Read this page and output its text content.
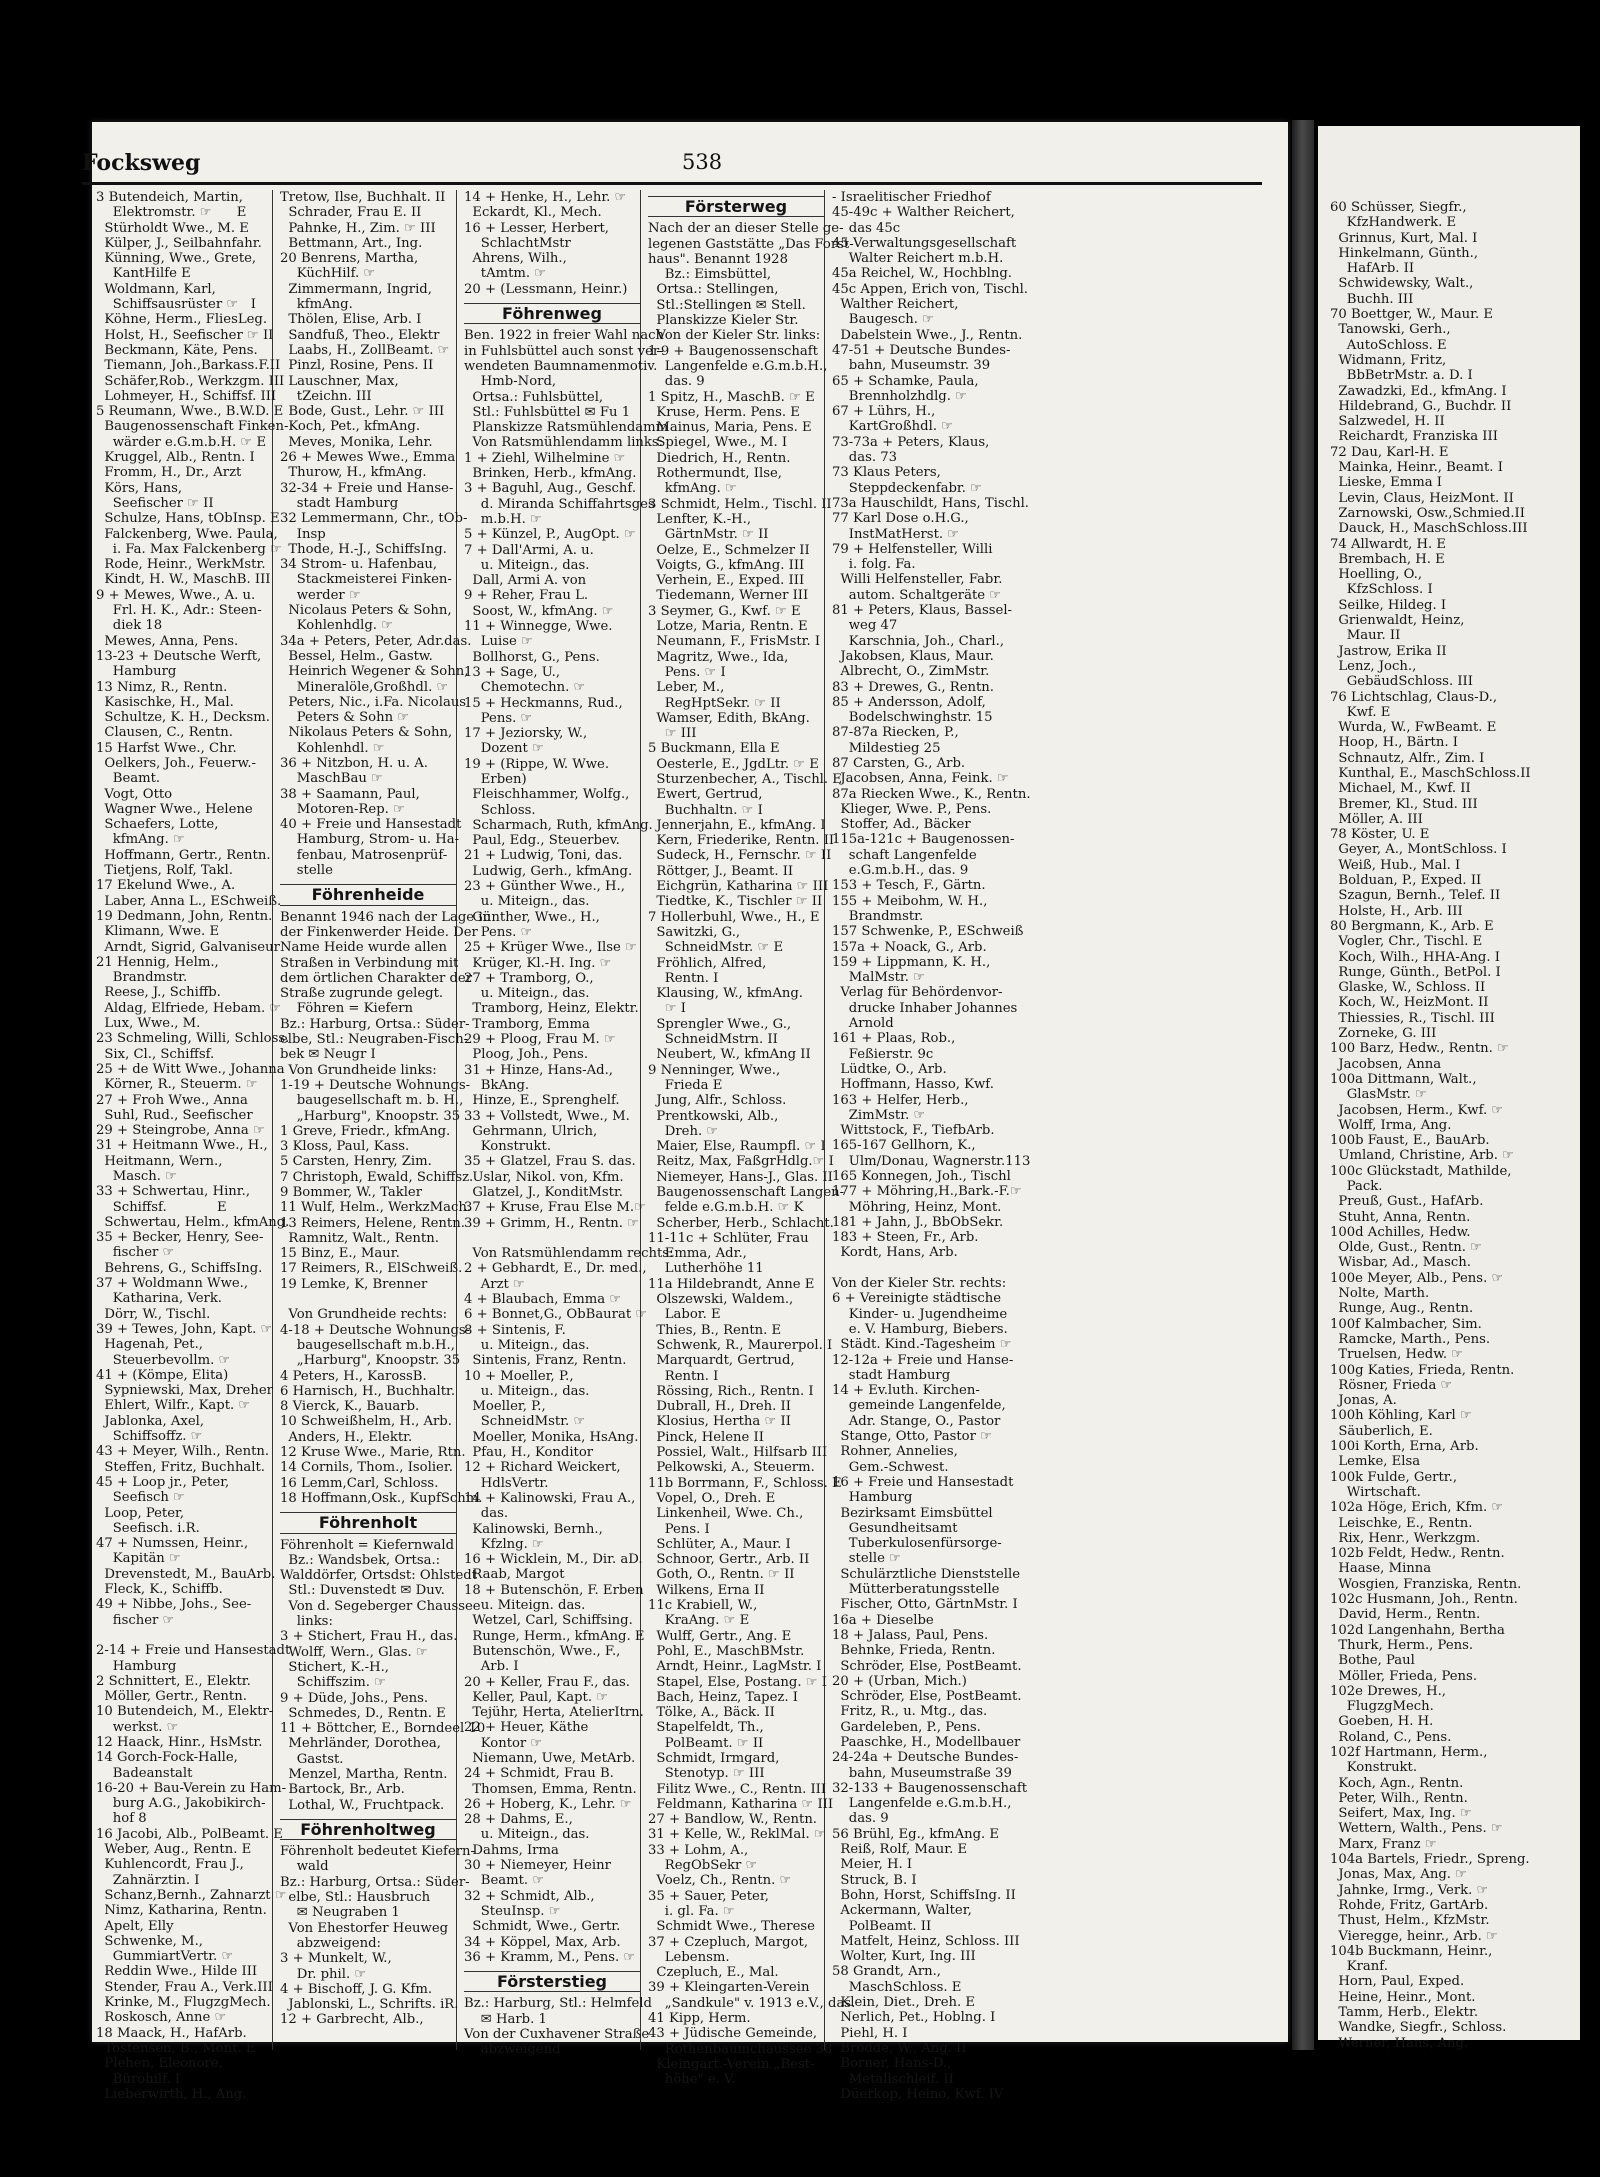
Focksweg	538
3 Butendeich, Martin,
Elektromstr. ☞      E
Stürholdt Wwe., M. E
Külper, J., Seilbahnfahr.
Künning, Wwe., Grete,
KantHilfe E
Woldmann, Karl,
Schiffsausrüster ☞   I
Köhne, Herm., FliesLeg.
Holst, H., Seefischer ☞ II
Beckmann, Käte, Pens.
Tiemann, Joh.,Barkass.F.II
Schäfer,Rob., Werkzgm. III
Lohmeyer, H., Schiffsf. III
5 Reumann, Wwe., B.W.D. E
Baugenossenschaft Finken-
wärder e.G.m.b.H. ☞ E
Kruggel, Alb., Rentn. I
Fromm, H., Dr., Arzt
Körs, Hans,
Seefischer ☞ II
Schulze, Hans, tObInsp. E
Falckenberg, Wwe. Paula,
i. Fa. Max Falckenberg ☞
Rode, Heinr., WerkMstr.
Kindt, H. W., MaschB. III
9 + Mewes, Wwe., A. u.
Frl. H. K., Adr.: Steen-
diek 18
Mewes, Anna, Pens.
13-23 + Deutsche Werft,
Hamburg
13 Nimz, R., Rentn.
Kasischke, H., Mal.
Schultze, K. H., Decksm.
Clausen, C., Rentn.
15 Harfst Wwe., Chr.
Oelkers, Joh., Feuerw.-
Beamt.
Vogt, Otto
Wagner Wwe., Helene
Schaefers, Lotte,
kfmAng. ☞
Hoffmann, Gertr., Rentn.
Tietjens, Rolf, Takl.
17 Ekelund Wwe., A.
Laber, Anna L., ESchweiß.
19 Dedmann, John, Rentn.
Klimann, Wwe. E
Arndt, Sigrid, Galvaniseur
21 Hennig, Helm.,
Brandmstr.
Reese, J., Schiffb.
Aldag, Elfriede, Hebam. ☞
Lux, Wwe., M.
23 Schmeling, Willi, Schloss.
Six, Cl., Schiffsf.
25 + de Witt Wwe., Johanna
Körner, R., Steuerm. ☞
27 + Froh Wwe., Anna
Suhl, Rud., Seefischer
29 + Steingrobe, Anna ☞
31 + Heitmann Wwe., H.,
Heitmann, Wern.,
Masch. ☞
33 + Schwertau, Hinr.,
Schiffsf.            E
Schwertau, Helm., kfmAng.
35 + Becker, Henry, See-
fischer ☞
Behrens, G., SchiffsIng.
37 + Woldmann Wwe.,
Katharina, Verk.
Dörr, W., Tischl.
39 + Tewes, John, Kapt. ☞
Hagenah, Pet.,
Steuerbevollm. ☞
41 + (Kömpe, Elita)
Sypniewski, Max, Dreher
Ehlert, Wilfr., Kapt. ☞
Jablonka, Axel,
Schiffsoffz. ☞
43 + Meyer, Wilh., Rentn.
Steffen, Fritz, Buchhalt.
45 + Loop jr., Peter,
Seefisch ☞
Loop, Peter,
Seefisch. i.R.
47 + Numssen, Heinr.,
Kapitän ☞
Drevenstedt, M., BauArb.
Fleck, K., Schiffb.
49 + Nibbe, Johs., See-
fischer ☞

2-14 + Freie und Hansestadt
Hamburg
2 Schnittert, E., Elektr.
Möller, Gertr., Rentn.
10 Butendeich, M., Elektr-
werkst. ☞
12 Haack, Hinr., HsMstr.
14 Gorch-Fock-Halle,
Badeanstalt
16-20 + Bau-Verein zu Ham-
burg A.G., Jakobikirch-
hof 8
16 Jacobi, Alb., PolBeamt. E
Weber, Aug., Rentn. E
Kuhlencordt, Frau J.,
Zahnärztin. I
Schanz,Bernh., Zahnarzt ☞
Nimz, Katharina, Rentn.
Apelt, Elly
Schwenke, M.,
GummiartVertr. ☞
Reddin Wwe., Hilde III
Stender, Frau A., Verk.III
Krinke, M., FlugzgMech.
Roskosch, Anne ☞
18 Maack, H., HafArb.
Tostensen, B., Mont. E
Plehen, Eleonore,
Bürohilf. I
Lieberwirth, H., Ang.
Tretow, Ilse, Buchhalt. II
Schrader, Frau E. II
Pahnke, H., Zim. ☞ III
Bettmann, Art., Ing.
20 Benrens, Martha,
KüchHilf. ☞
Zimmermann, Ingrid,
kfmAng.
Thölen, Elise, Arb. I
Sandfuß, Theo., Elektr
Laabs, H., ZollBeamt. ☞
Pinzl, Rosine, Pens. II
Lauschner, Max,
tZeichn. III
Bode, Gust., Lehr. ☞ III
Koch, Pet., kfmAng.
Meves, Monika, Lehr.
26 + Mewes Wwe., Emma
Thurow, H., kfmAng.
32-34 + Freie und Hanse-
stadt Hamburg
32 Lemmermann, Chr., tOb-
Insp
Thode, H.-J., SchiffsIng.
34 Strom- u. Hafenbau,
Stackmeisterei Finken-
werder ☞
Nicolaus Peters & Sohn,
Kohlenhdlg. ☞
34a + Peters, Peter, Adr.das.
Bessel, Helm., Gastw.
Heinrich Wegener & Sohn,
Mineralöle,Großhdl. ☞
Peters, Nic., i.Fa. Nicolaus
Peters & Sohn ☞
Nikolaus Peters & Sohn,
Kohlenhdl. ☞
36 + Nitzbon, H. u. A.
MaschBau ☞
38 + Saamann, Paul,
Motoren-Rep. ☞
40 + Freie und Hansestadt
Hamburg, Strom- u. Ha-
fenbau, Matrosenprüf-
stelle
Föhrenheide
Benannt 1946 nach der Lage in
der Finkenwerder Heide. Der
Name Heide wurde allen
Straßen in Verbindung mit
dem örtlichen Charakter der
Straße zugrunde gelegt.
Föhren = Kiefern
Bz.: Harburg, Ortsa.: Süder-
elbe, Stl.: Neugraben-Fisch-
bek ✉ Neugr I
Von Grundheide links:
1-19 + Deutsche Wohnungs-
baugesellschaft m. b. H.,
„Harburg", Knoopstr. 35
1 Greve, Friedr., kfmAng.
3 Kloss, Paul, Kass.
5 Carsten, Henry, Zim.
7 Christoph, Ewald, Schiffsz.
9 Bommer, W., Takler
11 Wulf, Helm., WerkzMach.
13 Reimers, Helene, Rentn.
Ramnitz, Walt., Rentn.
15 Binz, E., Maur.
17 Reimers, R., ElSchweiß.
19 Lemke, K, Brenner

Von Grundheide rechts:
4-18 + Deutsche Wohnungs-
baugesellschaft m.b.H.,
„Harburg", Knoopstr. 35
4 Peters, H., KarossB.
6 Harnisch, H., Buchhaltr.
8 Vierck, K., Bauarb.
10 Schweißhelm, H., Arb.
Anders, H., Elektr.
12 Kruse Wwe., Marie, Rtn.
14 Cornils, Thom., Isolier.
16 Lemm,Carl, Schloss.
18 Hoffmann,Osk., KupfSchm.
Föhrenholt
Föhrenholt = Kiefernwald
Bz.: Wandsbek, Ortsa.:
Walddörfer, Ortsdst: Ohlstedt
Stl.: Duvenstedt ✉ Duv.
Von d. Segeberger Chaussee
links:
3 + Stichert, Frau H., das.
Wolff, Wern., Glas. ☞
Stichert, K.-H.,
Schiffszim. ☞
9 + Düde, Johs., Pens.
Schmedes, D., Rentn. E
11 + Böttcher, E., Borndeel 10
Mehrländer, Dorothea,
Gastst.
Menzel, Martha, Rentn.
Bartock, Br., Arb.
Lothal, W., Fruchtpack.
Föhrenholtweg
Föhrenholt bedeutet Kiefern-
wald
Bz.: Harburg, Ortsa.: Süder-
elbe, Stl.: Hausbruch
✉ Neugraben 1
Von Ehestorfer Heuweg
abzweigend:
3 + Munkelt, W.,
Dr. phil. ☞
4 + Bischoff, J. G. Kfm.
Jablonski, L., Schrifts. iR.
12 + Garbrecht, Alb.,
14 + Henke, H., Lehr. ☞
Eckardt, Kl., Mech.
16 + Lesser, Herbert,
SchlachtMstr
Ahrens, Wilh.,
tAmtm. ☞
20 + (Lessmann, Heinr.)
Föhrenweg
Ben. 1922 in freier Wahl nach
in Fuhlsbüttel auch sonst ver-
wendeten Baumnamenmotiv.
Hmb-Nord,
Ortsa.: Fuhlsbüttel,
Stl.: Fuhlsbüttel ✉ Fu 1
Planskizze Ratsmühlendamm
Von Ratsmühlendamm links:
1 + Ziehl, Wilhelmine ☞
Brinken, Herb., kfmAng.
3 + Baguhl, Aug., Geschf.
d. Miranda Schiffahrtsges
m.b.H. ☞
5 + Künzel, P., AugOpt. ☞
7 + Dall'Armi, A. u.
u. Miteign., das.
Dall, Armi A. von
9 + Reher, Frau L.
Soost, W., kfmAng. ☞
11 + Winnegge, Wwe.
Luise ☞
Bollhorst, G., Pens.
13 + Sage, U.,
Chemotechn. ☞
15 + Heckmanns, Rud.,
Pens. ☞
17 + Jeziorsky, W.,
Dozent ☞
19 + (Rippe, W. Wwe.
Erben)
Fleischhammer, Wolfg.,
Schloss.
Scharmach, Ruth, kfmAng.
Paul, Edg., Steuerbev.
21 + Ludwig, Toni, das.
Ludwig, Gerh., kfmAng.
23 + Günther Wwe., H.,
u. Miteign., das.
Günther, Wwe., H.,
Pens. ☞
25 + Krüger Wwe., Ilse ☞
Krüger, Kl.-H. Ing. ☞
27 + Tramborg, O.,
u. Miteign., das.
Tramborg, Heinz, Elektr.
Tramborg, Emma
29 + Ploog, Frau M. ☞
Ploog, Joh., Pens.
31 + Hinze, Hans-Ad.,
BkAng.
Hinze, E., Sprenghelf.
33 + Vollstedt, Wwe., M.
Gehrmann, Ulrich,
Konstrukt.
35 + Glatzel, Frau S. das.
Uslar, Nikol. von, Kfm.
Glatzel, J., KonditMstr.
37 + Kruse, Frau Else M.☞
39 + Grimm, H., Rentn. ☞

Von Ratsmühlendamm rechts:
2 + Gebhardt, E., Dr. med.,
Arzt ☞
4 + Blaubach, Emma ☞
6 + Bonnet,G., ObBaurat ☞
8 + Sintenis, F.
u. Miteign., das.
Sintenis, Franz, Rentn.
10 + Moeller, P.,
u. Miteign., das.
Moeller, P.,
SchneidMstr. ☞
Moeller, Monika, HsAng.
Pfau, H., Konditor
12 + Richard Weickert,
HdlsVertr.
14 + Kalinowski, Frau A.,
das.
Kalinowski, Bernh.,
Kfzlng. ☞
16 + Wicklein, M., Dir. aD.
Raab, Margot
18 + Butenschön, F. Erben
u. Miteign. das.
Wetzel, Carl, Schiffsing.
Runge, Herm., kfmAng. E
Butenschön, Wwe., F.,
Arb. I
20 + Keller, Frau F., das.
Keller, Paul, Kapt. ☞
Tejühr, Herta, AtelierItrn.
22 + Heuer, Käthe
Kontor ☞
Niemann, Uwe, MetArb.
24 + Schmidt, Frau B.
Thomsen, Emma, Rentn.
26 + Hoberg, K., Lehr. ☞
28 + Dahms, E.,
u. Miteign., das.
Dahms, Irma
30 + Niemeyer, Heinr
Beamt. ☞
32 + Schmidt, Alb.,
SteuInsp. ☞
Schmidt, Wwe., Gertr.
34 + Köppel, Max, Arb.
36 + Kramm, M., Pens. ☞
Försterstieg
Bz.: Harburg, Stl.: Helmfeld
✉ Harb. 1
Von der Cuxhavener Straße
abzweigend
Försterweg
Nach der an dieser Stelle ge-
legenen Gaststätte „Das Forst-
haus". Benannt 1928
Bz.: Eimsbüttel,
Ortsa.: Stellingen,
Stl.:Stellingen ✉ Stell.
Planskizze Kieler Str.
Von der Kieler Str. links:
1-9 + Baugenossenschaft
Langenfelde e.G.m.b.H.,
das. 9
1 Spitz, H., MaschB. ☞ E
Kruse, Herm. Pens. E
Mainus, Maria, Pens. E
Spiegel, Wwe., M. I
Diedrich, H., Rentn.
Rothermundt, Ilse,
kfmAng. ☞
3 Schmidt, Helm., Tischl. II
Lenfter, K.-H.,
GärtnMstr. ☞ II
Oelze, E., Schmelzer II
Voigts, G., kfmAng. III
Verhein, E., Exped. III
Tiedemann, Werner III
3 Seymer, G., Kwf. ☞ E
Lotze, Maria, Rentn. E
Neumann, F., FrisMstr. I
Magritz, Wwe., Ida,
Pens. ☞ I
Leber, M.,
RegHptSekr. ☞ II
Wamser, Edith, BkAng.
☞ III
5 Buckmann, Ella E
Oesterle, E., JgdLtr. ☞ E
Sturzenbecher, A., Tischl. E
Ewert, Gertrud,
Buchhaltn. ☞ I
Jennerjahn, E., kfmAng. I
Kern, Friederike, Rentn. II
Sudeck, H., Fernschr. ☞ II
Röttger, J., Beamt. II
Eichgrün, Katharina ☞ III
Tiedtke, K., Tischler ☞ II
7 Hollerbuhl, Wwe., H., E
Sawitzki, G.,
SchneidMstr. ☞ E
Fröhlich, Alfred,
Rentn. I
Klausing, W., kfmAng.
☞ I
Sprengler Wwe., G.,
SchneidMstrn. II
Neubert, W., kfmAng II
9 Nenninger, Wwe.,
Frieda E
Jung, Alfr., Schloss.
Prentkowski, Alb.,
Dreh. ☞
Maier, Else, Raumpfl. ☞ I
Reitz, Max, FaßgrHdlg.☞ I
Niemeyer, Hans-J., Glas. II
Baugenossenschaft Langen-
felde e.G.m.b.H. ☞ K
Scherber, Herb., Schlacht.
11-11c + Schlüter, Frau
Emma, Adr.,
Lutherhöhe 11
11a Hildebrandt, Anne E
Olszewski, Waldem.,
Labor. E
Thies, B., Rentn. E
Schwenk, R., Maurerpol. I
Marquardt, Gertrud,
Rentn. I
Rössing, Rich., Rentn. I
Dubrall, H., Dreh. II
Klosius, Hertha ☞ II
Pinck, Helene II
Possiel, Walt., Hilfsarb III
Pelkowski, A., Steuerm.
11b Borrmann, F., Schloss. E
Vopel, O., Dreh. E
Linkenheil, Wwe. Ch.,
Pens. I
Schlüter, A., Maur. I
Schnoor, Gertr., Arb. II
Goth, O., Rentn. ☞ II
Wilkens, Erna II
11c Krabiell, W.,
KraAng. ☞ E
Wulff, Gertr., Ang. E
Pohl, E., MaschBMstr.
Arndt, Heinr., LagMstr. I
Stapel, Else, Postang. ☞ I
Bach, Heinz, Tapez. I
Tölke, A., Bäck. II
Stapelfeldt, Th.,
PolBeamt. ☞ II
Schmidt, Irmgard,
Stenotyp. ☞ III
Filitz Wwe., C., Rentn. III
Feldmann, Katharina ☞ III
27 + Bandlow, W., Rentn.
31 + Kelle, W., ReklMal. ☞
33 + Lohm, A.,
RegObSekr ☞
Voelz, Ch., Rentn. ☞
35 + Sauer, Peter,
i. gl. Fa. ☞
Schmidt Wwe., Therese
37 + Czepluch, Margot,
Lebensm.
Czepluch, E., Mal.
39 + Kleingarten-Verein
„Sandkule" v. 1913 e.V., das.
41 Kipp, Herm.
43 + Jüdische Gemeinde,
Rothenbaumchaussee 38
Kleingart.-Verein „Best-
höhe" e. V.
- Israelitischer Friedhof
45-49c + Walther Reichert,
das 45c
45 Verwaltungsgesellschaft
Walter Reichert m.b.H.
45a Reichel, W., Hochblng.
45c Appen, Erich von, Tischl.
Walther Reichert,
Baugesch. ☞
Dabelstein Wwe., J., Rentn.
47-51 + Deutsche Bundes-
bahn, Museumstr. 39
65 + Schamke, Paula,
Brennholzhdlg. ☞
67 + Lührs, H.,
KartGroßhdl. ☞
73-73a + Peters, Klaus,
das. 73
73 Klaus Peters,
Steppdeckenfabr. ☞
73a Hauschildt, Hans, Tischl.
77 Karl Dose o.H.G.,
InstMatHerst. ☞
79 + Helfensteller, Willi
i. folg. Fa.
Willi Helfensteller, Fabr.
autom. Schaltgeräte ☞
81 + Peters, Klaus, Bassel-
weg 47
Karschnia, Joh., Charl.,
Jakobsen, Klaus, Maur.
Albrecht, O., ZimMstr.
83 + Drewes, G., Rentn.
85 + Andersson, Adolf,
Bodelschwinghstr. 15
87-87a Riecken, P.,
Mildestieg 25
87 Carsten, G., Arb.
Jacobsen, Anna, Feink. ☞
87a Riecken Wwe., K., Rentn.
Klieger, Wwe. P., Pens.
Stoffer, Ad., Bäcker
115a-121c + Baugenossen-
schaft Langenfelde
e.G.m.b.H., das. 9
153 + Tesch, F., Gärtn.
155 + Meibohm, W. H.,
Brandmstr.
157 Schwenke, P., ESchweiß
157a + Noack, G., Arb.
159 + Lippmann, K. H.,
MalMstr. ☞
Verlag für Behördenvor-
drucke Inhaber Johannes
Arnold
161 + Plaas, Rob.,
Feßierstr. 9c
Lüdtke, O., Arb.
Hoffmann, Hasso, Kwf.
163 + Helfer, Herb.,
ZimMstr. ☞
Wittstock, F., TiefbArb.
165-167 Gellhorn, K.,
Ulm/Donau, Wagnerstr.113
165 Konnegen, Joh., Tischl
177 + Möhring,H.,Bark.-F.☞
Möhring, Heinz, Mont.
181 + Jahn, J., BbObSekr.
183 + Steen, Fr., Arb.
Kordt, Hans, Arb.

Von der Kieler Str. rechts:
6 + Vereinigte städtische
Kinder- u. Jugendheime
e. V. Hamburg, Biebers.
Städt. Kind.-Tagesheim ☞
12-12a + Freie und Hanse-
stadt Hamburg
14 + Ev.luth. Kirchen-
gemeinde Langenfelde,
Adr. Stange, O., Pastor
Stange, Otto, Pastor ☞
Rohner, Annelies,
Gem.-Schwest.
16 + Freie und Hansestadt
Hamburg
Bezirksamt Eimsbüttel
Gesundheitsamt
Tuberkulosenfürsorge-
stelle ☞
Schulärztliche Dienststelle
Mütterberatungsstelle
Fischer, Otto, GärtnMstr. I
16a + Dieselbe
18 + Jalass, Paul, Pens.
Behnke, Frieda, Rentn.
Schröder, Else, PostBeamt.
20 + (Urban, Mich.)
Schröder, Else, PostBeamt.
Fritz, R., u. Mtg., das.
Gardeleben, P., Pens.
Paaschke, H., Modellbauer
24-24a + Deutsche Bundes-
bahn, Museumstraße 39
32-133 + Baugenossenschaft
Langenfelde e.G.m.b.H.,
das. 9
56 Brühl, Eg., kfmAng. E
Reiß, Rolf, Maur. E
Meier, H. I
Struck, B. I
Bohn, Horst, SchiffsIng. II
Ackermann, Walter,
PolBeamt. II
Matfelt, Heinz, Schloss. III
Wolter, Kurt, Ing. III
58 Grandt, Arn.,
MaschSchloss. E
Klein, Diet., Dreh. E
Nerlich, Pet., Hoblng. I
Piehl, H. I
Brodde, W., Ang. II
Borner, Hans-D.,
Metallschleif. II
Düerkop, Heino, Kwf. IV
60 Schüsser, Siegfr.,
KfzHandwerk. E
Grinnus, Kurt, Mal. I
Hinkelmann, Günth.,
HafArb. II
Schwidewsky, Walt.,
Buchh. III
70 Boettger, W., Maur. E
Tanowski, Gerh.,
AutoSchloss. E
Widmann, Fritz,
BbBetrMstr. a. D. I
Zawadzki, Ed., kfmAng. I
Hildebrand, G., Buchdr. II
Salzwedel, H. II
Reichardt, Franziska III
72 Dau, Karl-H. E
Mainka, Heinr., Beamt. I
Lieske, Emma I
Levin, Claus, HeizMont. II
Zarnowski, Osw.,Schmied.II
Dauck, H., MaschSchloss.III
74 Allwardt, H. E
Brembach, H. E
Hoelling, O.,
KfzSchloss. I
Seilke, Hildeg. I
Grienwaldt, Heinz,
Maur. II
Jastrow, Erika II
Lenz, Joch.,
GebäudSchloss. III
76 Lichtschlag, Claus-D.,
Kwf. E
Wurda, W., FwBeamt. E
Hoop, H., Bärtn. I
Schnautz, Alfr., Zim. I
Kunthal, E., MaschSchloss.II
Michael, M., Kwf. II
Bremer, Kl., Stud. III
Möller, A. III
78 Köster, U. E
Geyer, A., MontSchloss. I
Weiß, Hub., Mal. I
Bolduan, P., Exped. II
Szagun, Bernh., Telef. II
Holste, H., Arb. III
80 Bergmann, K., Arb. E
Vogler, Chr., Tischl. E
Koch, Wilh., HHA-Ang. I
Runge, Günth., BetPol. I
Glaske, W., Schloss. II
Koch, W., HeizMont. II
Thiessies, R., Tischl. III
Zorneke, G. III
100 Barz, Hedw., Rentn. ☞
Jacobsen, Anna
100a Dittmann, Walt.,
GlasMstr. ☞
Jacobsen, Herm., Kwf. ☞
Wolff, Irma, Ang.
100b Faust, E., BauArb.
Umland, Christine, Arb. ☞
100c Glückstadt, Mathilde,
Pack.
Preuß, Gust., HafArb.
Stuht, Anna, Rentn.
100d Achilles, Hedw.
Olde, Gust., Rentn. ☞
Wisbar, Ad., Masch.
100e Meyer, Alb., Pens. ☞
Nolte, Marth.
Runge, Aug., Rentn.
100f Kalmbacher, Sim.
Ramcke, Marth., Pens.
Truelsen, Hedw. ☞
100g Katies, Frieda, Rentn.
Rösner, Frieda ☞
Jonas, A.
100h Köhling, Karl ☞
Säuberlich, E.
100i Korth, Erna, Arb.
Lemke, Elsa
100k Fulde, Gertr.,
Wirtschaft.
102a Höge, Erich, Kfm. ☞
Leischke, E., Rentn.
Rix, Henr., Werkzgm.
102b Feldt, Hedw., Rentn.
Haase, Minna
Wosgien, Franziska, Rentn.
102c Husmann, Joh., Rentn.
David, Herm., Rentn.
102d Langenhahn, Bertha
Thurk, Herm., Pens.
Bothe, Paul
Möller, Frieda, Pens.
102e Drewes, H.,
FlugzgMech.
Goeben, H. H.
Roland, C., Pens.
102f Hartmann, Herm.,
Konstrukt.
Koch, Agn., Rentn.
Peter, Wilh., Rentn.
Seifert, Max, Ing. ☞
Wettern, Walth., Pens. ☞
Marx, Franz ☞
104a Bartels, Friedr., Spreng.
Jonas, Max, Ang. ☞
Jahnke, Irmg., Verk. ☞
Rohde, Fritz, GartArb.
Thust, Helm., KfzMstr.
Vieregge, heinr., Arb. ☞
104b Buckmann, Heinr.,
Kranf.
Horn, Paul, Exped.
Heine, Heinr., Mont.
Tamm, Herb., Elektr.
Wandke, Siegfr., Schloss.
Werner, Hans, Ang.
